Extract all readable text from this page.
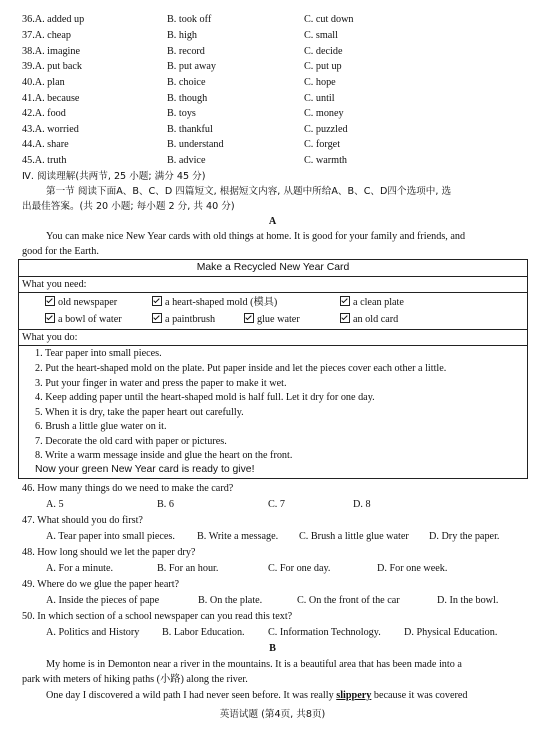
36.A. added up	B. took off	C. cut down
37.A. cheap	B. high	C. small
38.A. imagine	B. record	C. decide
39.A. put back	B. put away	C. put up
40.A. plan	B. choice	C. hope
41.A. because	B. though	C. until
42.A. food	B. toys	C. money
43.A. worried	B. thankful	C. puzzled
44.A. share	B. understand	C. forget
45.A. truth	B. advice	C. warmth
Ⅳ. 阅读理解(共两节, 25 小题; 满分 45 分)
第一节 阅读下面A、B、C、D 四篇短文, 根据短文内容, 从题中所给A、B、C、D四个选项中, 选
出最佳答案。(共 20 小题; 每小题 2 分, 共 40 分)
A
You can make nice New Year cards with old things at home. It is good for your family and friends, and
good for the Earth.
Make a Recycled New Year Card
What you need:
old newspaper	a heart-shaped mold (模具)	a clean plate
a bowl of water	a paintbrush	glue water	an old card
What you do:
1. Tear paper into small pieces.
2. Put the heart-shaped mold on the plate. Put paper inside and let the pieces cover each other a little.
3. Put your finger in water and press the paper to make it wet.
4. Keep adding paper until the heart-shaped mold is half full. Let it dry for one day.
5. When it is dry, take the paper heart out carefully.
6. Brush a little glue water on it.
7. Decorate the old card with paper or pictures.
8. Write a warm message inside and glue the heart on the front.
Now your green New Year card is ready to give!
46. How many things do we need to make the card?
A. 5	B. 6	C. 7	D. 8
47. What should you do first?
A. Tear paper into small pieces. B. Write a message. C. Brush a little glue water D. Dry the paper.
48. How long should we let the paper dry?
A. For a minute.	B. For an hour.	C. For one day.	D. For one week.
49. Where do we glue the paper heart?
A. Inside the pieces of pape	B. On the plate.	C. On the front of the car	D. In the bowl.
50. In which section of a school newspaper can you read this text?
A. Politics and History B. Labor Education. C. Information Technology. D. Physical Education.
B
My home is in Demonton near a river in the mountains. It is a beautiful area that has been made into a
park with meters of hiking paths (小路) along the river.
One day I discovered a wild path I had never seen before. It was really slippery because it was covered
英语试题 (第4页, 共8页)
